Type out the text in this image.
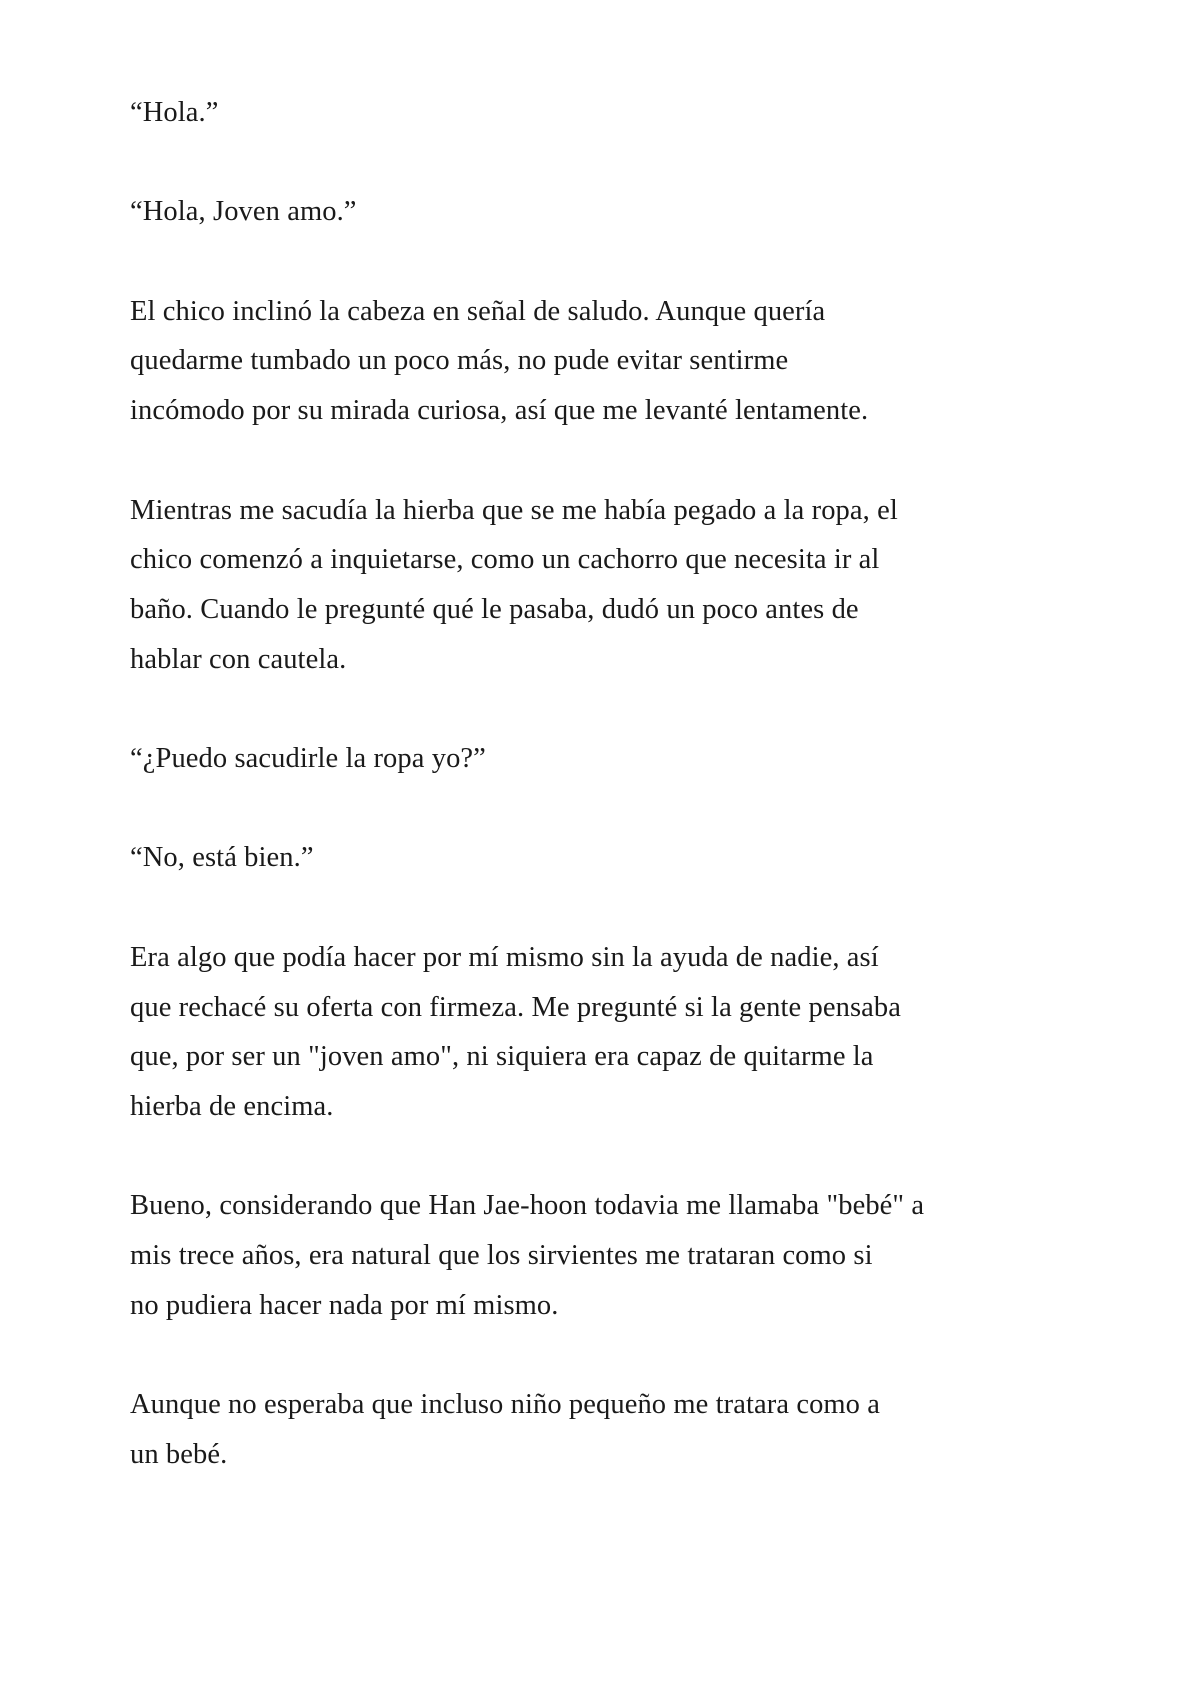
“Hola.”

“Hola, Joven amo.”

El chico inclinó la cabeza en señal de saludo. Aunque quería
quedarme tumbado un poco más, no pude evitar sentirme
incómodo por su mirada curiosa, así que me levanté lentamente.

Mientras me sacudía la hierba que se me había pegado a la ropa, el
chico comenzó a inquietarse, como un cachorro que necesita ir al
baño. Cuando le pregunté qué le pasaba, dudó un poco antes de
hablar con cautela.

“¿Puedo sacudirle la ropa yo?”

“No, está bien.”

Era algo que podía hacer por mí mismo sin la ayuda de nadie, así
que rechacé su oferta con firmeza. Me pregunté si la gente pensaba
que, por ser un "joven amo", ni siquiera era capaz de quitarme la
hierba de encima.

Bueno, considerando que Han Jae-hoon todavia me llamaba "bebé" a
mis trece años, era natural que los sirvientes me trataran como si
no pudiera hacer nada por mí mismo.

Aunque no esperaba que incluso niño pequeño me tratara como a
un bebé.
